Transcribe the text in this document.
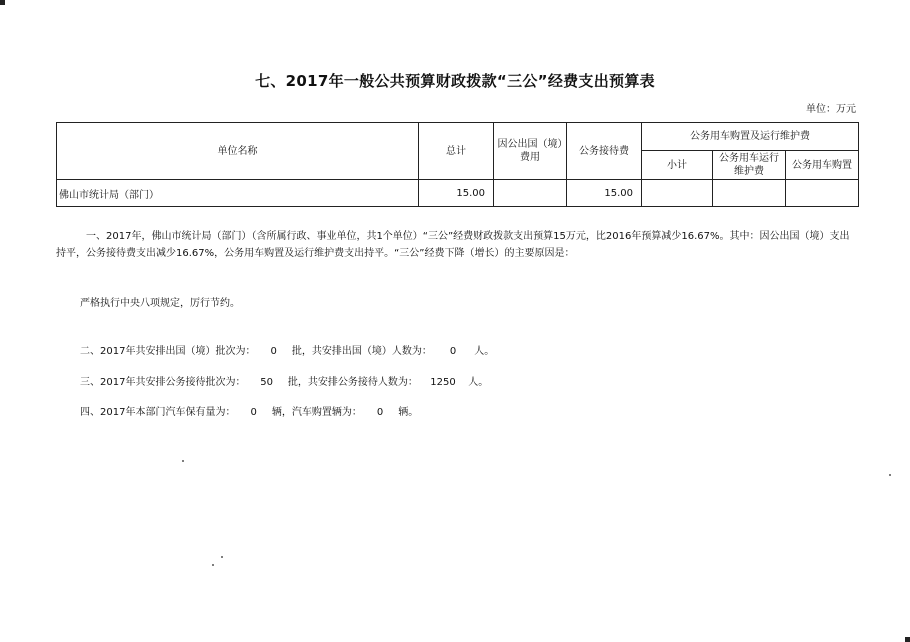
七、2017年一般公共预算财政拨款“三公”经费支出预算表
单位：万元
单位名称	总计	因公出国（境）费用	公务接待费	公务用车购置及运行维护费		
				小计	公务用车运行维护费	公务用车购置
佛山市统计局（部门）	15.00		15.00			
一、2017年，佛山市统计局（部门）（含所属行政、事业单位，共1个单位）“三公”经费财政拨款支出预算15万元，比2016年预算减少16.67%。其中：因公出国（境）支出持平，公务接待费支出减少16.67%，公务用车购置及运行维护费支出持平。“三公”经费下降（增长）的主要原因是：
严格执行中央八项规定，厉行节约。
二、2017年共安排出国（境）批次为： 0 批，共安排出国（境）人数为： 0 人。
三、2017年共安排公务接待批次为： 50 批，共安排公务接待人数为： 1250 人。
四、2017年本部门汽车保有量为： 0 辆，汽车购置辆为： 0 辆。
